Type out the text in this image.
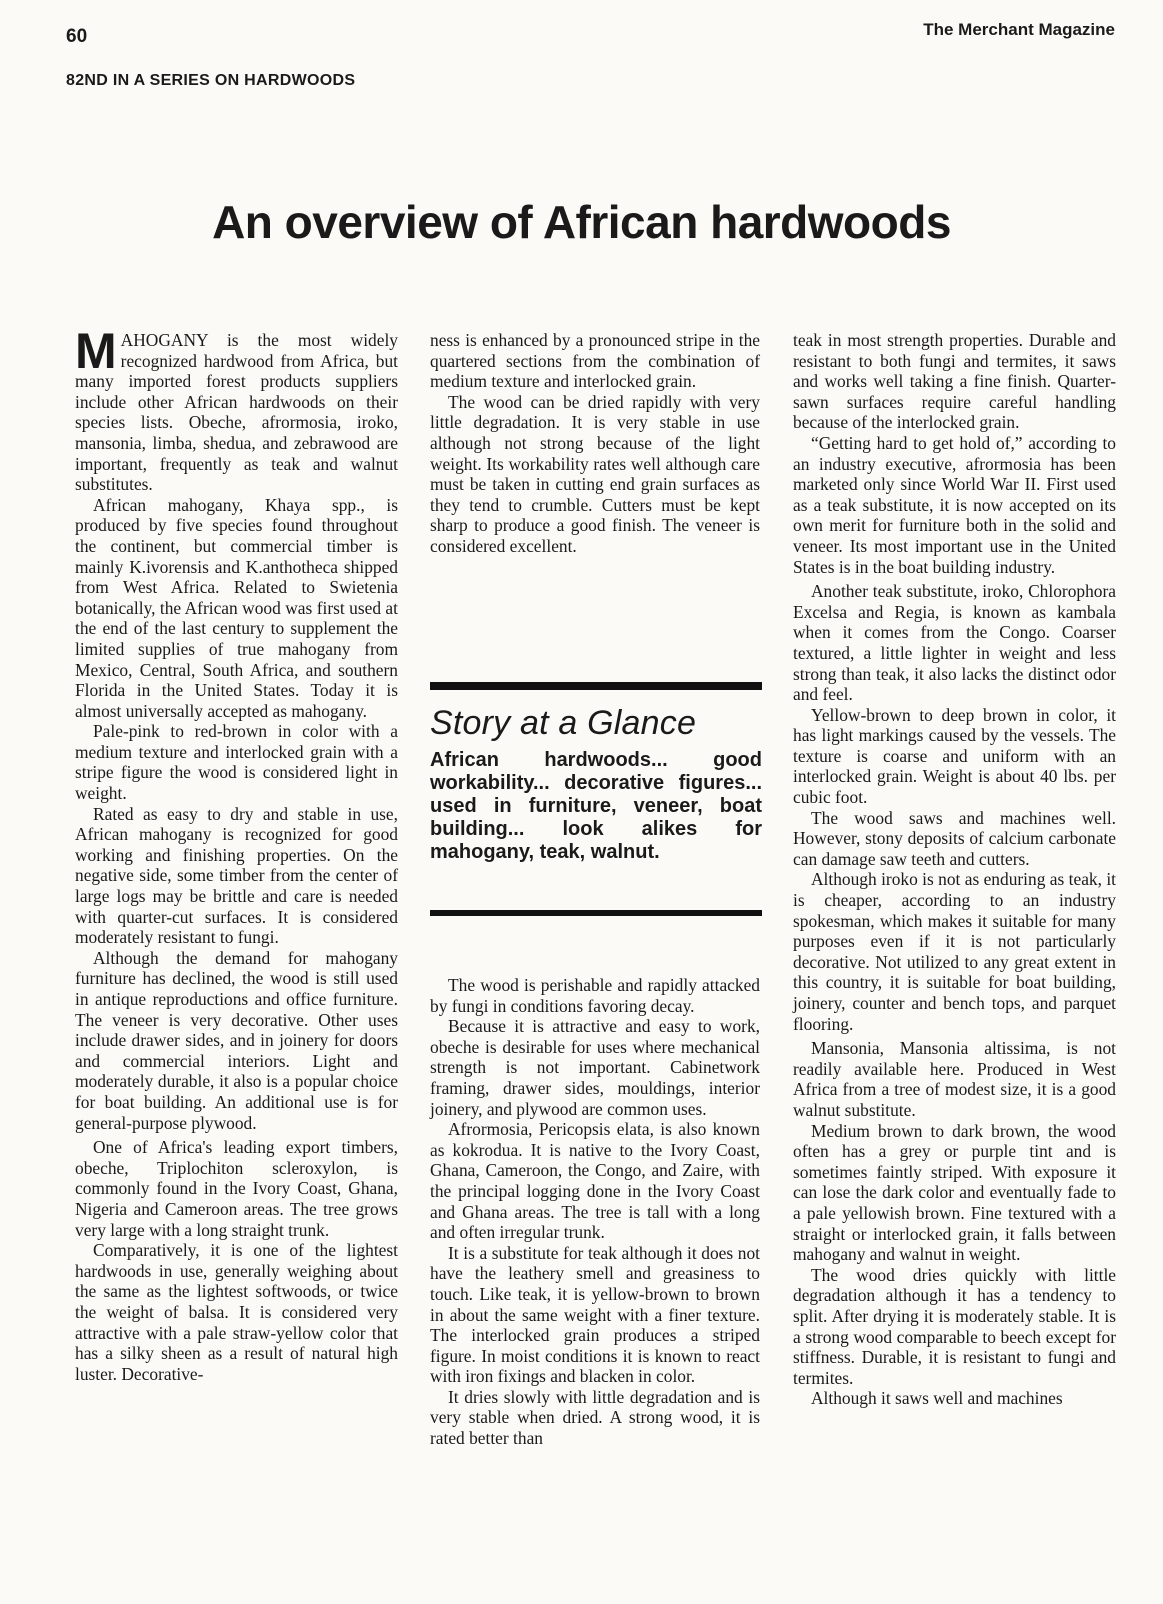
60	The Merchant Magazine
82ND IN A SERIES ON HARDWOODS
An overview of African hardwoods
M AHOGANY is the most widely recognized hardwood from Africa, but many imported forest products suppliers include other African hardwoods on their species lists. Obeche, afrormosia, iroko, mansonia, limba, shedua, and zebrawood are important, frequently as teak and walnut substitutes.

African mahogany, Khaya spp., is produced by five species found throughout the continent, but commercial timber is mainly K.ivorensis and K.anthotheca shipped from West Africa. Related to Swietenia botanically, the African wood was first used at the end of the last century to supplement the limited supplies of true mahogany from Mexico, Central, South Africa, and southern Florida in the United States. Today it is almost universally accepted as mahogany.

Pale-pink to red-brown in color with a medium texture and interlocked grain with a stripe figure the wood is considered light in weight.

Rated as easy to dry and stable in use, African mahogany is recognized for good working and finishing properties. On the negative side, some timber from the center of large logs may be brittle and care is needed with quarter-cut surfaces. It is considered moderately resistant to fungi.

Although the demand for mahogany furniture has declined, the wood is still used in antique reproductions and office furniture. The veneer is very decorative. Other uses include drawer sides, and in joinery for doors and commercial interiors. Light and moderately durable, it also is a popular choice for boat building. An additional use is for general-purpose plywood.

One of Africa's leading export timbers, obeche, Triplochiton scleroxylon, is commonly found in the Ivory Coast, Ghana, Nigeria and Cameroon areas. The tree grows very large with a long straight trunk.

Comparatively, it is one of the lightest hardwoods in use, generally weighing about the same as the lightest softwoods, or twice the weight of balsa. It is considered very attractive with a pale straw-yellow color that has a silky sheen as a result of natural high luster. Decorative-

ness is enhanced by a pronounced stripe in the quartered sections from the combination of medium texture and interlocked grain.

The wood can be dried rapidly with very little degradation. It is very stable in use although not strong because of the light weight. Its workability rates well although care must be taken in cutting end grain surfaces as they tend to crumble. Cutters must be kept sharp to produce a good finish. The veneer is considered excellent.

Story at a Glance

African hardwoods... good workability... decorative figures... used in furniture, veneer, boat building... look alikes for mahogany, teak, walnut.

The wood is perishable and rapidly attacked by fungi in conditions favoring decay.

Because it is attractive and easy to work, obeche is desirable for uses where mechanical strength is not important. Cabinetwork framing, drawer sides, mouldings, interior joinery, and plywood are common uses.

Afrormosia, Pericopsis elata, is also known as kokrodua. It is native to the Ivory Coast, Ghana, Cameroon, the Congo, and Zaire, with the principal logging done in the Ivory Coast and Ghana areas. The tree is tall with a long and often irregular trunk.

It is a substitute for teak although it does not have the leathery smell and greasiness to touch. Like teak, it is yellow-brown to brown in about the same weight with a finer texture. The interlocked grain produces a striped figure. In moist conditions it is known to react with iron fixings and blacken in color.

It dries slowly with little degradation and is very stable when dried. A strong wood, it is rated better than

teak in most strength properties. Durable and resistant to both fungi and termites, it saws and works well taking a fine finish. Quarter-sawn surfaces require careful handling because of the interlocked grain.

“Getting hard to get hold of,” according to an industry executive, afrormosia has been marketed only since World War II. First used as a teak substitute, it is now accepted on its own merit for furniture both in the solid and veneer. Its most important use in the United States is in the boat building industry.

Another teak substitute, iroko, Chlorophora Excelsa and Regia, is known as kambala when it comes from the Congo. Coarser textured, a little lighter in weight and less strong than teak, it also lacks the distinct odor and feel.

Yellow-brown to deep brown in color, it has light markings caused by the vessels. The texture is coarse and uniform with an interlocked grain. Weight is about 40 lbs. per cubic foot.

The wood saws and machines well. However, stony deposits of calcium carbonate can damage saw teeth and cutters.

Although iroko is not as enduring as teak, it is cheaper, according to an industry spokesman, which makes it suitable for many purposes even if it is not particularly decorative. Not utilized to any great extent in this country, it is suitable for boat building, joinery, counter and bench tops, and parquet flooring.

Mansonia, Mansonia altissima, is not readily available here. Produced in West Africa from a tree of modest size, it is a good walnut substitute.

Medium brown to dark brown, the wood often has a grey or purple tint and is sometimes faintly striped. With exposure it can lose the dark color and eventually fade to a pale yellowish brown. Fine textured with a straight or interlocked grain, it falls between mahogany and walnut in weight.

The wood dries quickly with little degradation although it has a tendency to split. After drying it is moderately stable. It is a strong wood comparable to beech except for stiffness. Durable, it is resistant to fungi and termites.

Although it saws well and machines
